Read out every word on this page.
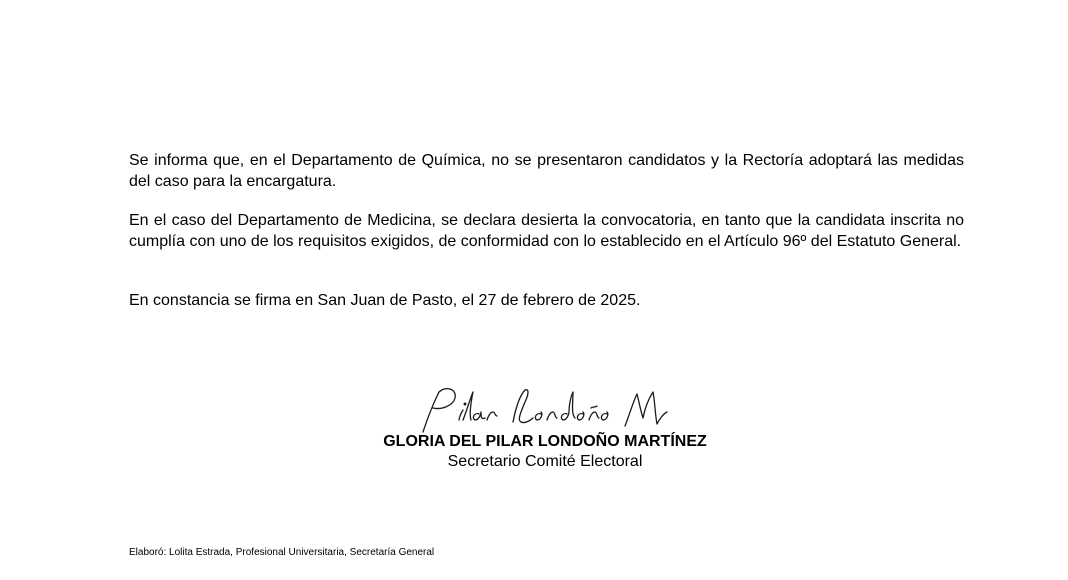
Se informa que, en el Departamento de Química, no se presentaron candidatos y la Rectoría adoptará las medidas del caso para la encargatura.

En el caso del Departamento de Medicina, se declara desierta la convocatoria, en tanto que la candidata inscrita no cumplía con uno de los requisitos exigidos, de conformidad con lo establecido en el Artículo 96º del Estatuto General.

En constancia se firma en San Juan de Pasto, el 27 de febrero de 2025.

GLORIA DEL PILAR LONDOÑO MARTÍNEZ
Secretario Comité Electoral
Elaboró: Lolita Estrada, Profesional Universitaria, Secretaría General
